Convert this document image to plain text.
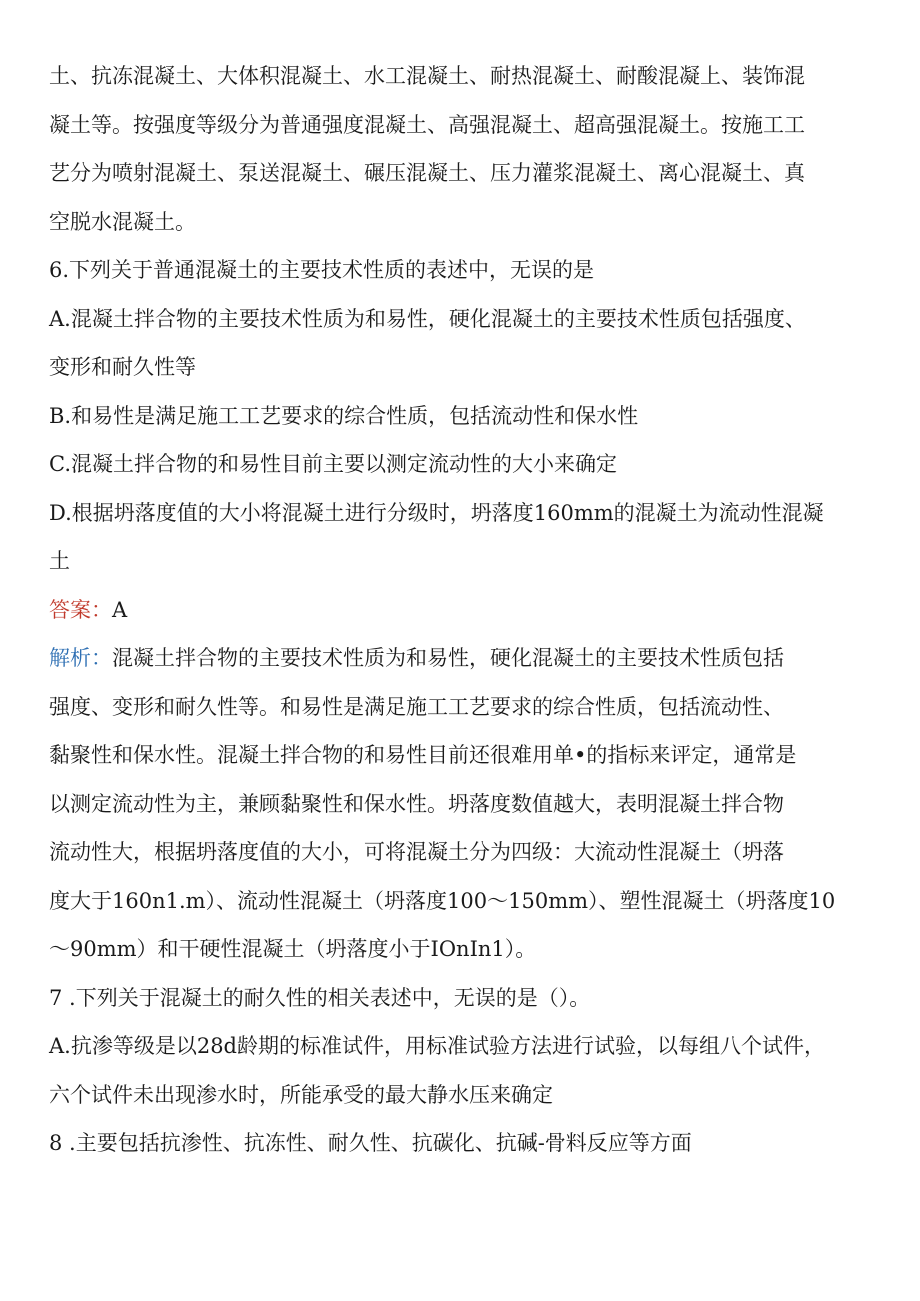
土、抗冻混凝土、大体积混凝土、水工混凝土、耐热混凝土、耐酸混凝上、装饰混
凝土等。按强度等级分为普通强度混凝土、高强混凝土、超高强混凝土。按施工工
艺分为喷射混凝土、泵送混凝土、碾压混凝土、压力灌浆混凝土、离心混凝土、真
空脱水混凝土。
6.下列关于普通混凝土的主要技术性质的表述中，无误的是
A.混凝土拌合物的主要技术性质为和易性，硬化混凝土的主要技术性质包括强度、
变形和耐久性等
B.和易性是满足施工工艺要求的综合性质，包括流动性和保水性
C.混凝土拌合物的和易性目前主要以测定流动性的大小来确定
D.根据坍落度值的大小将混凝土进行分级时，坍落度160mm的混凝土为流动性混凝
土
答案：A
解析：混凝土拌合物的主要技术性质为和易性，硬化混凝土的主要技术性质包括
强度、变形和耐久性等。和易性是满足施工工艺要求的综合性质，包括流动性、
黏聚性和保水性。混凝土拌合物的和易性目前还很难用单•的指标来评定，通常是
以测定流动性为主，兼顾黏聚性和保水性。坍落度数值越大，表明混凝土拌合物
流动性大，根据坍落度值的大小，可将混凝土分为四级：大流动性混凝土（坍落
度大于160n1.m）、流动性混凝土（坍落度100～150mm）、塑性混凝土（坍落度10
～90mm）和干硬性混凝土（坍落度小于IOnIn1）。
7 .下列关于混凝土的耐久性的相关表述中，无误的是（）。
A.抗渗等级是以28d龄期的标准试件，用标准试验方法进行试验，以每组八个试件，
六个试件未出现渗水时，所能承受的最大静水压来确定
8 .主要包括抗渗性、抗冻性、耐久性、抗碳化、抗碱-骨料反应等方面
